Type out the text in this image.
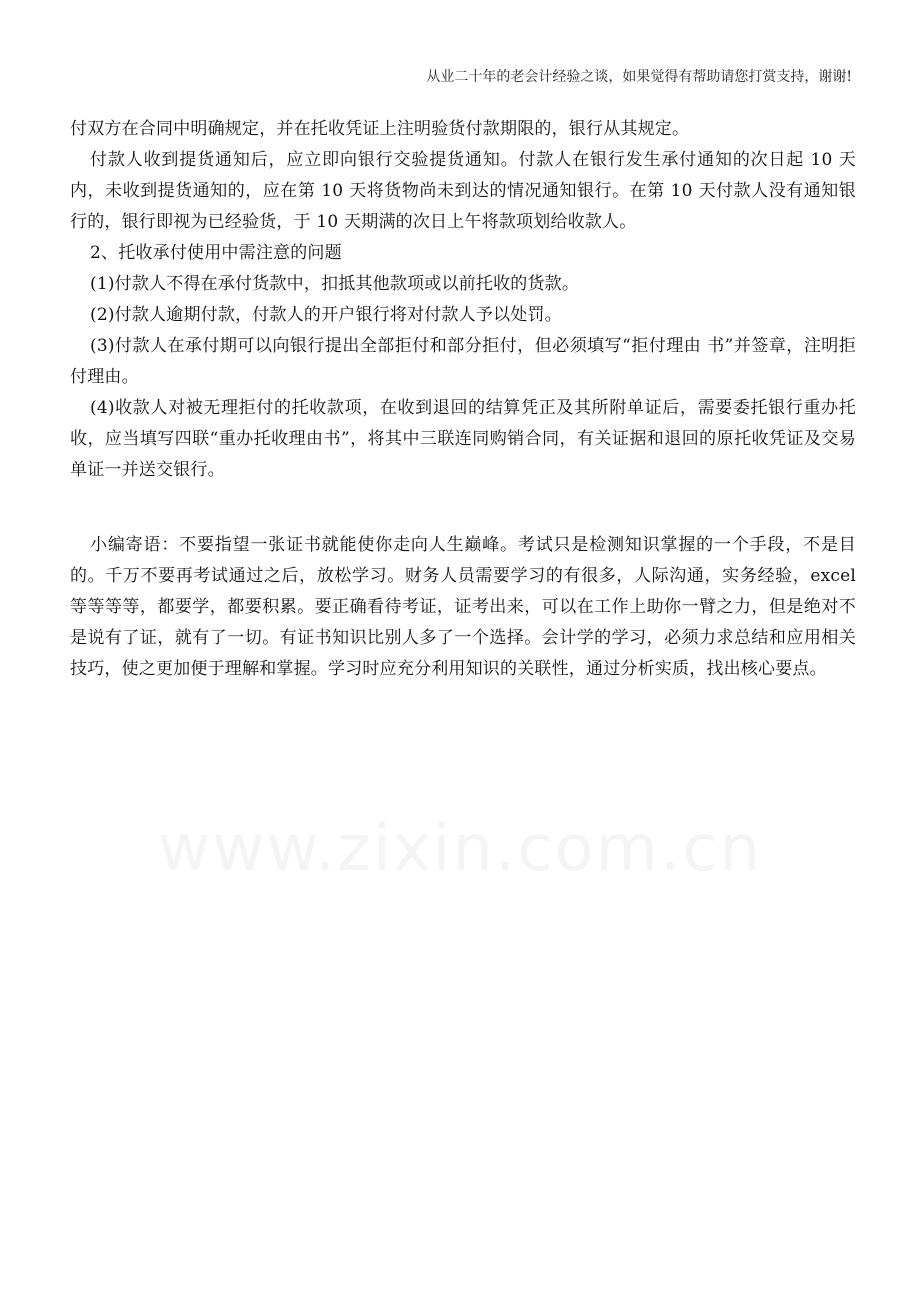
从业二十年的老会计经验之谈，如果觉得有帮助请您打赏支持，谢谢!

付双方在合同中明确规定，并在托收凭证上注明验货付款期限的，银行从其规定。

付款人收到提货通知后，应立即向银行交验提货通知。付款人在银行发生承付通知的次日起 10 天内，未收到提货通知的，应在第 10 天将货物尚未到达的情况通知银行。在第 10 天付款人没有通知银行的，银行即视为已经验货，于 10 天期满的次日上午将款项划给收款人。

2、托收承付使用中需注意的问题

(1)付款人不得在承付货款中，扣抵其他款项或以前托收的货款。

(2)付款人逾期付款，付款人的开户银行将对付款人予以处罚。

(3)付款人在承付期可以向银行提出全部拒付和部分拒付，但必须填写“拒付理由 书”并签章，注明拒付理由。

(4)收款人对被无理拒付的托收款项，在收到退回的结算凭正及其所附单证后，需要委托银行重办托收，应当填写四联“重办托收理由书”，将其中三联连同购销合同，有关证据和退回的原托收凭证及交易单证一并送交银行。

小编寄语：不要指望一张证书就能使你走向人生巅峰。考试只是检测知识掌握的一个手段，不是目的。千万不要再考试通过之后，放松学习。财务人员需要学习的有很多，人际沟通，实务经验，excel 等等等等，都要学，都要积累。要正确看待考证，证考出来，可以在工作上助你一臂之力，但是绝对不是说有了证，就有了一切。有证书知识比别人多了一个选择。会计学的学习，必须力求总结和应用相关技巧，使之更加便于理解和掌握。学习时应充分利用知识的关联性，通过分析实质，找出核心要点。
